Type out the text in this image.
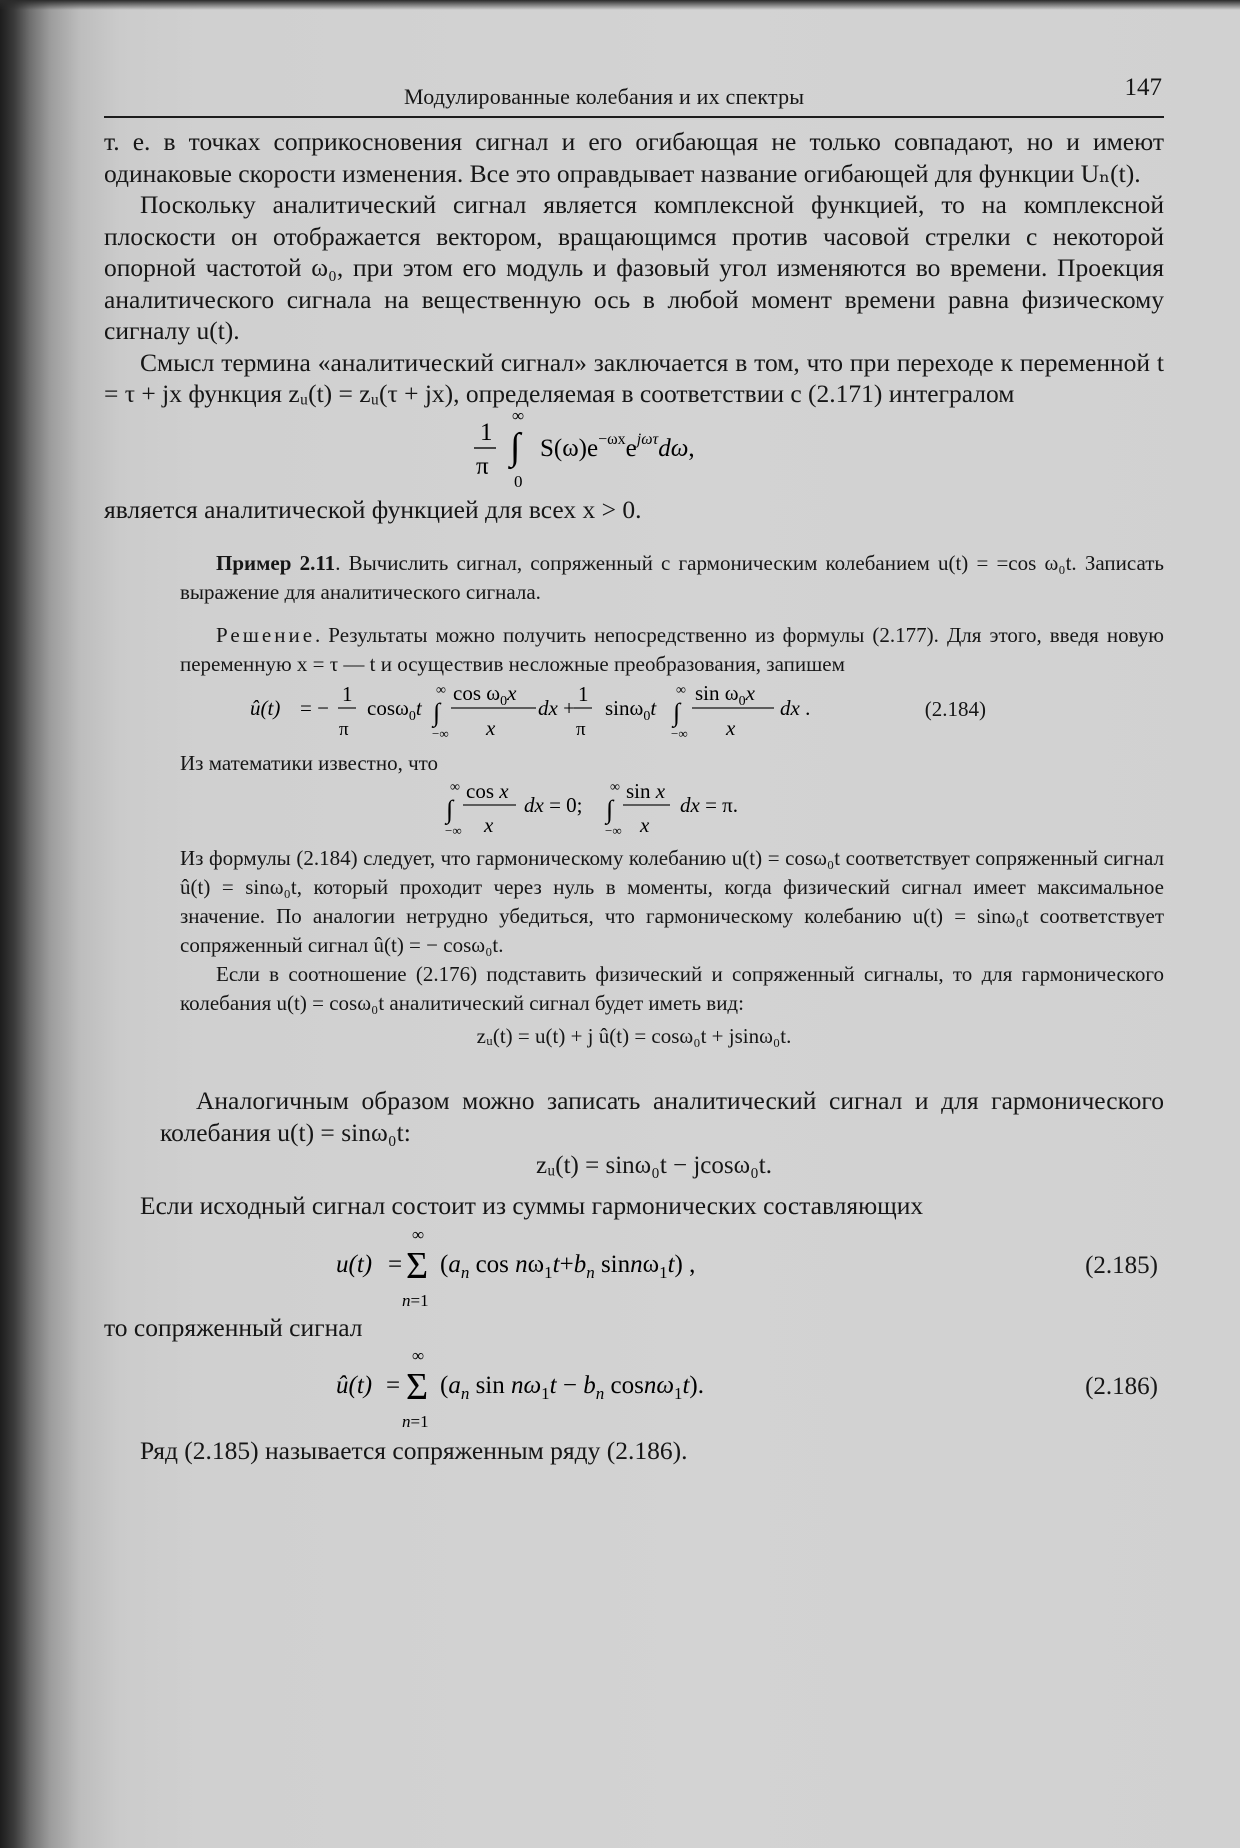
Модулированные колебания и их спектры	147

т. е. в точках соприкосновения сигнал и его огибающая не только совпадают, но и имеют одинаковые скорости изменения. Все это оправдывает название огибающей для функции Uₙ(t).

Поскольку аналитический сигнал является комплексной функцией, то на комплексной плоскости он отображается вектором, вращающимся против часовой стрелки с некоторой опорной частотой ω₀, при этом его модуль и фазовый угол изменяются во времени. Проекция аналитического сигнала на вещественную ось в любой момент времени равна физическому сигналу u(t).

Смысл термина «аналитический сигнал» заключается в том, что при переходе к переменной t = τ + jx функция zᵤ(t) = zᵤ(τ + jx), определяемая в соответствии с (2.171) интегралом

1
π
∞
∫
0
$S(\omega)e^{-\omega x}e^{j\omega\tau}d\omega$,

является аналитической функцией для всех x > 0.

Пример 2.11. Вычислить сигнал, сопряженный с гармоническим колебанием u(t) = =cos ω₀t. Записать выражение для аналитического сигнала.

Решение. Результаты можно получить непосредственно из формулы (2.177). Для этого, введя новую переменную x = τ — t и осуществив несложные преобразования, запишем

û(t) = −
1
π
cosω$_0$t
∞
∫
−∞
$\cos \omega_0x$
x
dx +
1
π
sinω$_0$t
∞
∫
−∞
$\sin \omega_0x$
x
dx .	(2.184)

Из математики известно, что

∞
∫
−∞
cos x
x
dx = 0;
∞
∫
−∞
sin x
x
dx = π.

Из формулы (2.184) следует, что гармоническому колебанию u(t) = cosω₀t соответствует сопряженный сигнал û(t) = sinω₀t, который проходит через нуль в моменты, когда физический сигнал имеет максимальное значение. По аналогии нетрудно убедиться, что гармоническому колебанию u(t) = sinω₀t соответствует сопряженный сигнал û(t) = − cosω₀t.

Если в соотношение (2.176) подставить физический и сопряженный сигналы, то для гармонического колебания u(t) = cosω₀t аналитический сигнал будет иметь вид:

zᵤ(t) = u(t) + j û(t) = cosω₀t + jsinω₀t.

Аналогичным образом можно записать аналитический сигнал и для гармонического колебания u(t) = sinω₀t:

zᵤ(t) = sinω₀t − jcosω₀t.

Если исходный сигнал состоит из суммы гармонических составляющих

u(t) =
∞
Σ
n=1
($a_n$ $\cos n\omega_1t+b_n$ sinnω$_1$t) ,	(2.185)

то сопряженный сигнал

û(t) =
∞
Σ
n=1
($a_n$ $\sin n\omega_1t - b_n$ cosnω$_1$t).	(2.186)

Ряд (2.185) называется сопряженным ряду (2.186).
